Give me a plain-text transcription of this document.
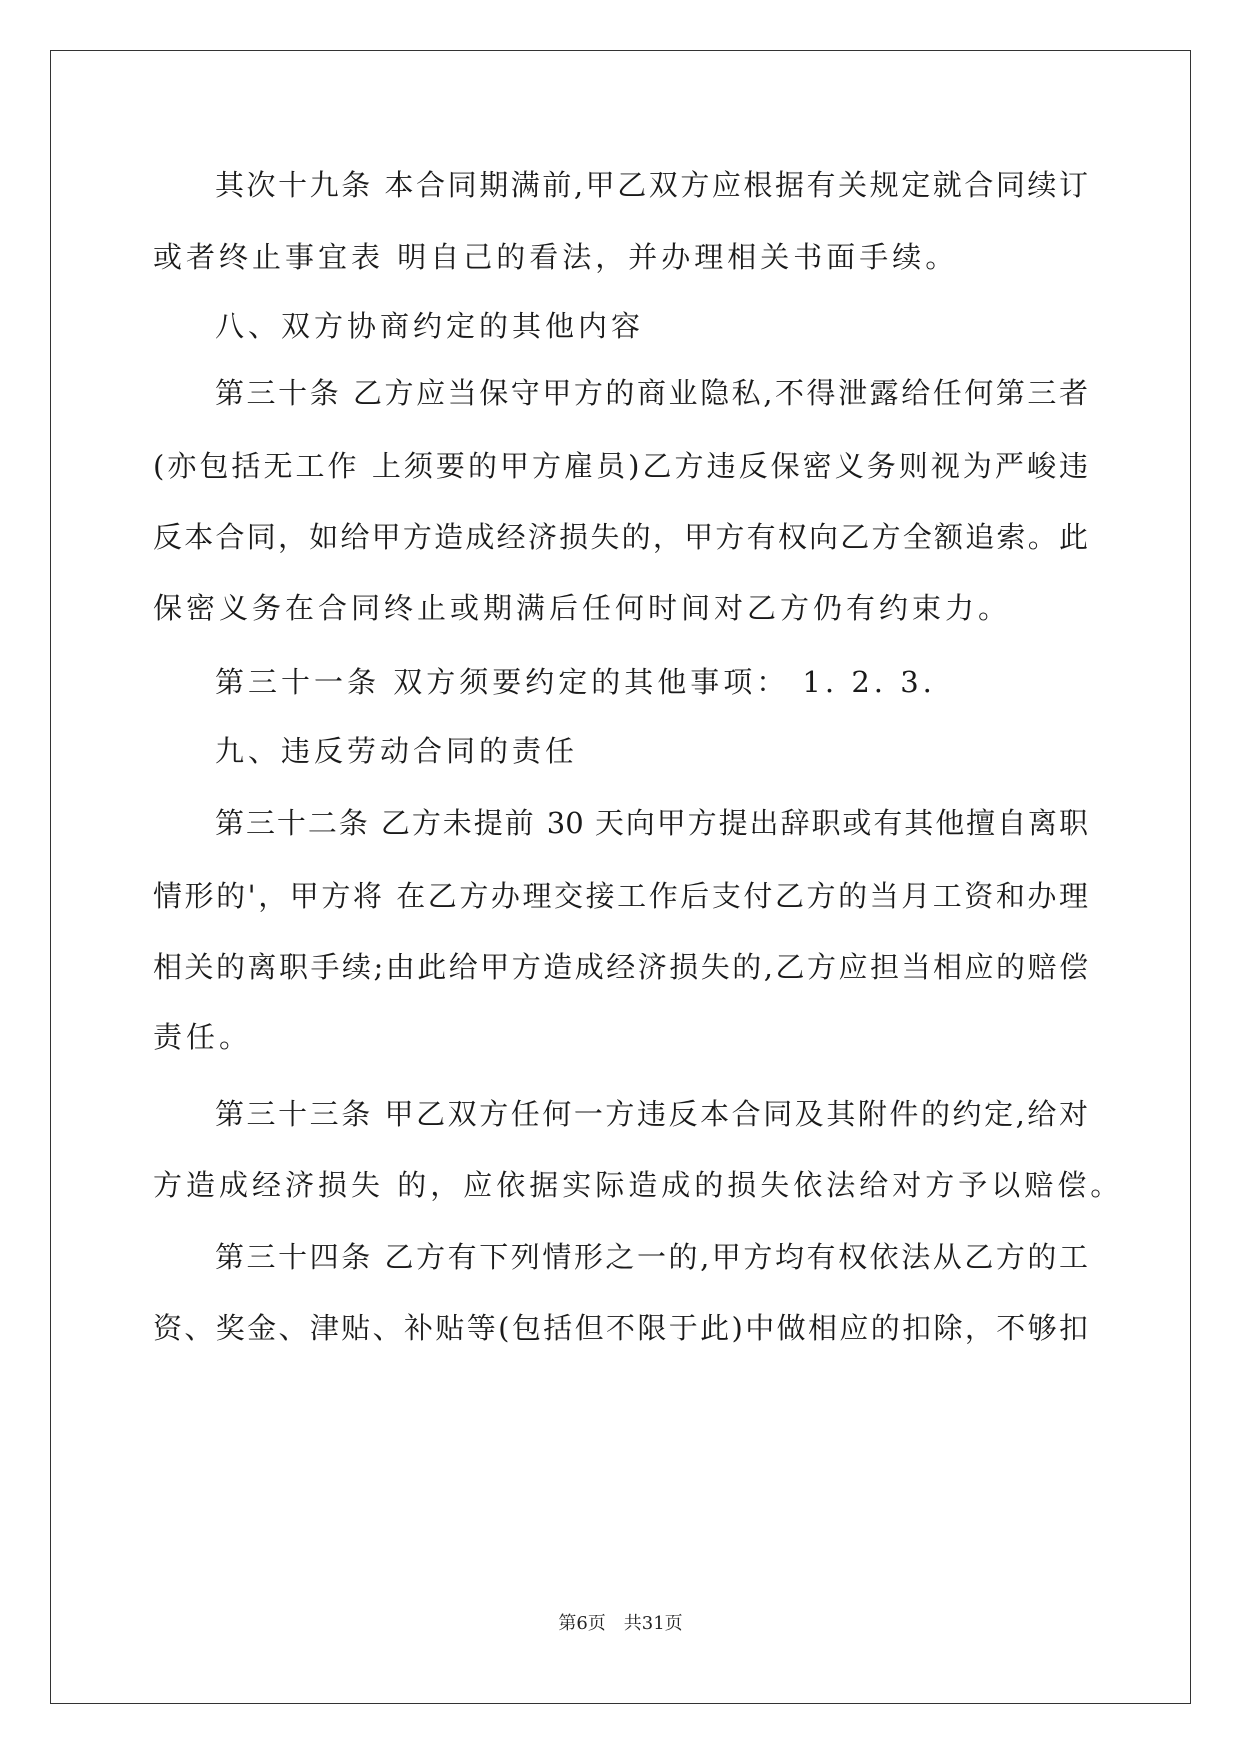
其次十九条 本合同期满前,甲乙双方应根据有关规定就合同续订
或者终止事宜表 明自己的看法，并办理相关书面手续。
八、双方协商约定的其他内容
第三十条 乙方应当保守甲方的商业隐私,不得泄露给任何第三者
(亦包括无工作 上须要的甲方雇员)乙方违反保密义务则视为严峻违
反本合同，如给甲方造成经济损失的，甲方有权向乙方全额追索。此
保密义务在合同终止或期满后任何时间对乙方仍有约束力。
第三十一条 双方须要约定的其他事项： 1. 2. 3.
九、违反劳动合同的责任
第三十二条 乙方未提前 30 天向甲方提出辞职或有其他擅自离职
情形的'，甲方将 在乙方办理交接工作后支付乙方的当月工资和办理
相关的离职手续;由此给甲方造成经济损失的,乙方应担当相应的赔偿
责任。
第三十三条 甲乙双方任何一方违反本合同及其附件的约定,给对
方造成经济损失 的，应依据实际造成的损失依法给对方予以赔偿。
第三十四条 乙方有下列情形之一的,甲方均有权依法从乙方的工
资、奖金、津贴、补贴等(包括但不限于此)中做相应的扣除，不够扣
第6页 共31页
